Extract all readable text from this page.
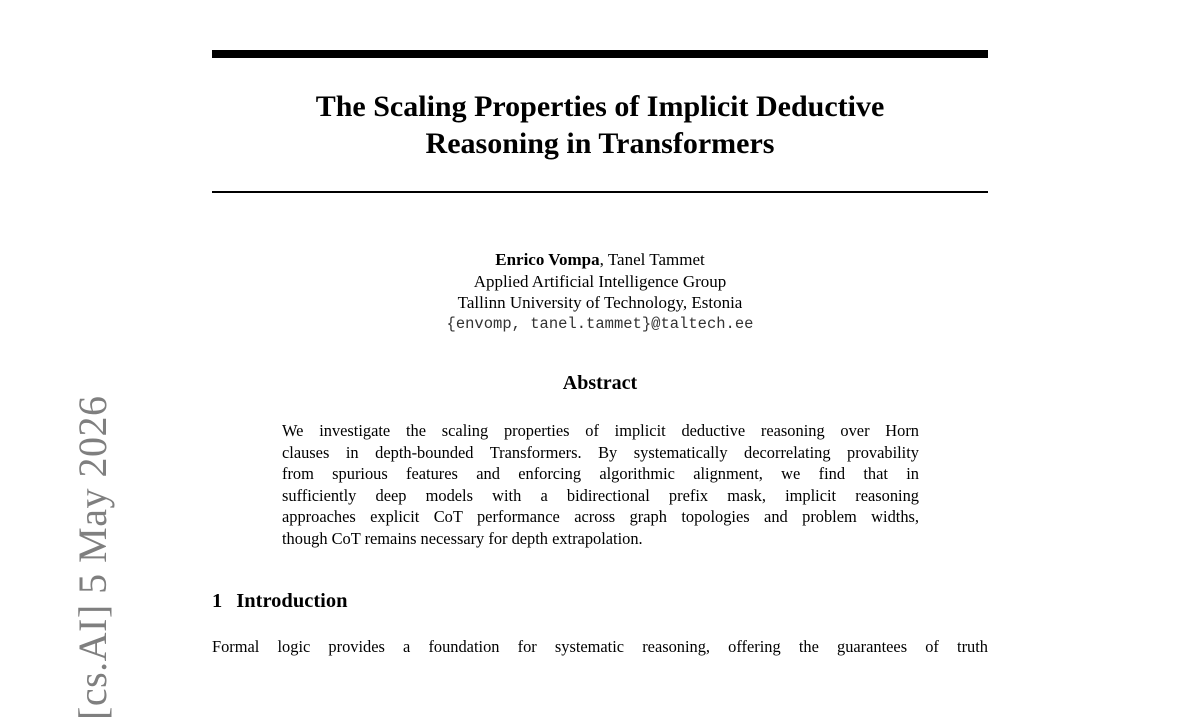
The Scaling Properties of Implicit Deductive
Reasoning in Transformers
Enrico Vompa, Tanel Tammet
Applied Artificial Intelligence Group
Tallinn University of Technology, Estonia
{envomp, tanel.tammet}@taltech.ee
Abstract
We investigate the scaling properties of implicit deductive reasoning over Horn
clauses in depth-bounded Transformers. By systematically decorrelating provability
from spurious features and enforcing algorithmic alignment, we find that in
sufficiently deep models with a bidirectional prefix mask, implicit reasoning
approaches explicit CoT performance across graph topologies and problem widths,
though CoT remains necessary for depth extrapolation.
1 Introduction

Formal logic provides a foundation for systematic reasoning, offering the guarantees of truth

[cs.AI] 5 May 2026
